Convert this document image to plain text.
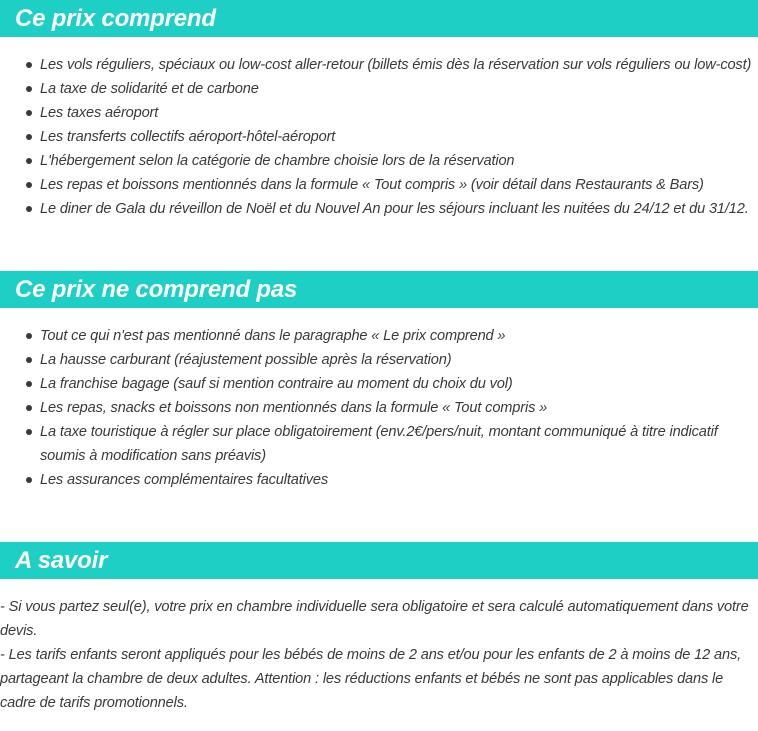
Ce prix comprend
Les vols réguliers, spéciaux ou low-cost aller-retour (billets émis dès la réservation sur vols réguliers ou low-cost)
La taxe de solidarité et de carbone
Les taxes aéroport
Les transferts collectifs aéroport-hôtel-aéroport
L'hébergement selon la catégorie de chambre choisie lors de la réservation
Les repas et boissons mentionnés dans la formule « Tout compris » (voir détail dans Restaurants & Bars)
Le diner de Gala du réveillon de Noël et du Nouvel An pour les séjours incluant les nuitées du 24/12 et du 31/12.
Ce prix ne comprend pas
Tout ce qui n'est pas mentionné dans le paragraphe « Le prix comprend »
La hausse carburant (réajustement possible après la réservation)
La franchise bagage (sauf si mention contraire au moment du choix du vol)
Les repas, snacks et boissons non mentionnés dans la formule « Tout compris »
La taxe touristique à régler sur place obligatoirement (env.2€/pers/nuit, montant communiqué à titre indicatif soumis à modification sans préavis)
Les assurances complémentaires facultatives
A savoir

- Si vous partez seul(e), votre prix en chambre individuelle sera obligatoire et sera calculé automatiquement dans votre devis.

- Les tarifs enfants seront appliqués pour les bébés de moins de 2 ans et/ou pour les enfants de 2 à moins de 12 ans, partageant la chambre de deux adultes. Attention : les réductions enfants et bébés ne sont pas applicables dans le cadre de tarifs promotionnels.
